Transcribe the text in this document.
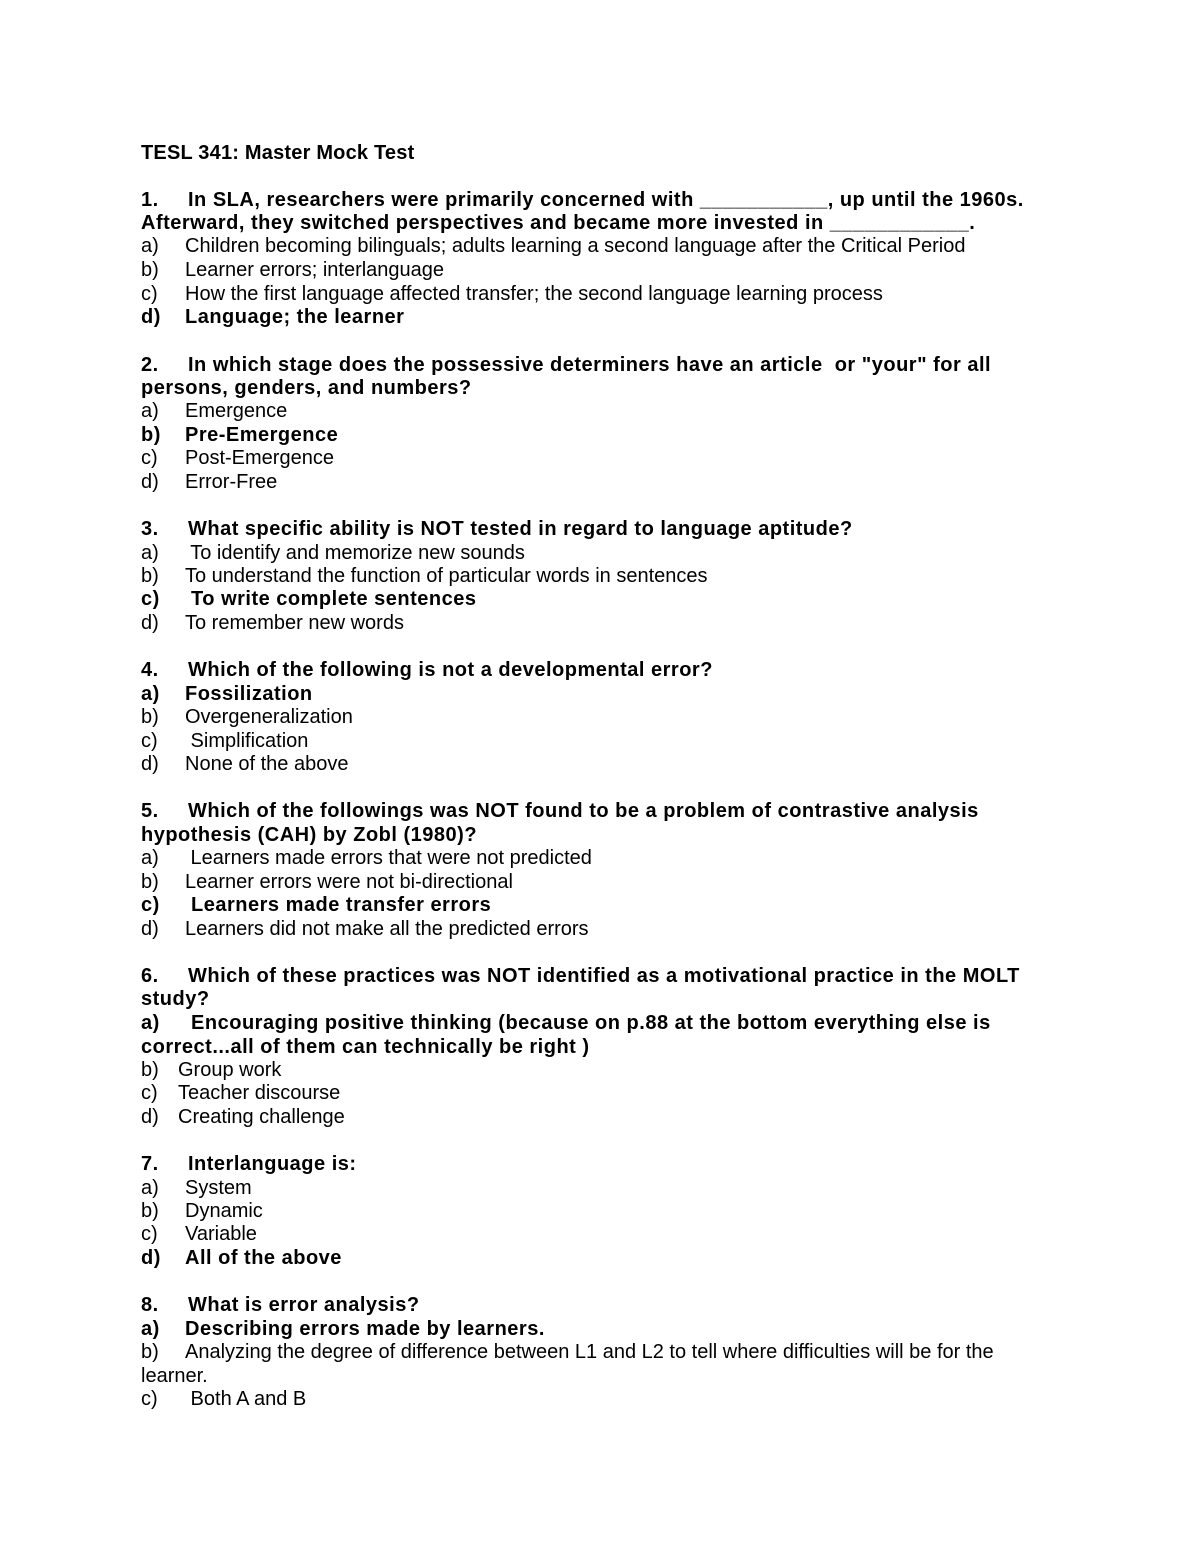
TESL 341: Master Mock Test
1. In SLA, researchers were primarily concerned with ___________, up until the 1960s.
Afterward, they switched perspectives and became more invested in ____________.
a) Children becoming bilinguals; adults learning a second language after the Critical Period
b) Learner errors; interlanguage
c) How the first language affected transfer; the second language learning process
d) Language; the learner
2. In which stage does the possessive determiners have an article  or "your" for all
persons, genders, and numbers?
a) Emergence
b) Pre-Emergence
c) Post-Emergence
d) Error-Free
3. What specific ability is NOT tested in regard to language aptitude?
a) To identify and memorize new sounds
b) To understand the function of particular words in sentences
c) To write complete sentences
d) To remember new words
4. Which of the following is not a developmental error?
a) Fossilization
b) Overgeneralization
c) Simplification
d) None of the above
5. Which of the followings was NOT found to be a problem of contrastive analysis
hypothesis (CAH) by Zobl (1980)?
a) Learners made errors that were not predicted
b) Learner errors were not bi-directional
c) Learners made transfer errors
d) Learners did not make all the predicted errors
6. Which of these practices was NOT identified as a motivational practice in the MOLT
study?
a) Encouraging positive thinking (because on p.88 at the bottom everything else is
correct...all of them can technically be right )
b) Group work
c) Teacher discourse
d) Creating challenge
7. Interlanguage is:
a) System
b) Dynamic
c) Variable
d) All of the above
8. What is error analysis?
a) Describing errors made by learners.
b) Analyzing the degree of difference between L1 and L2 to tell where difficulties will be for the
learner.
c) Both A and B
